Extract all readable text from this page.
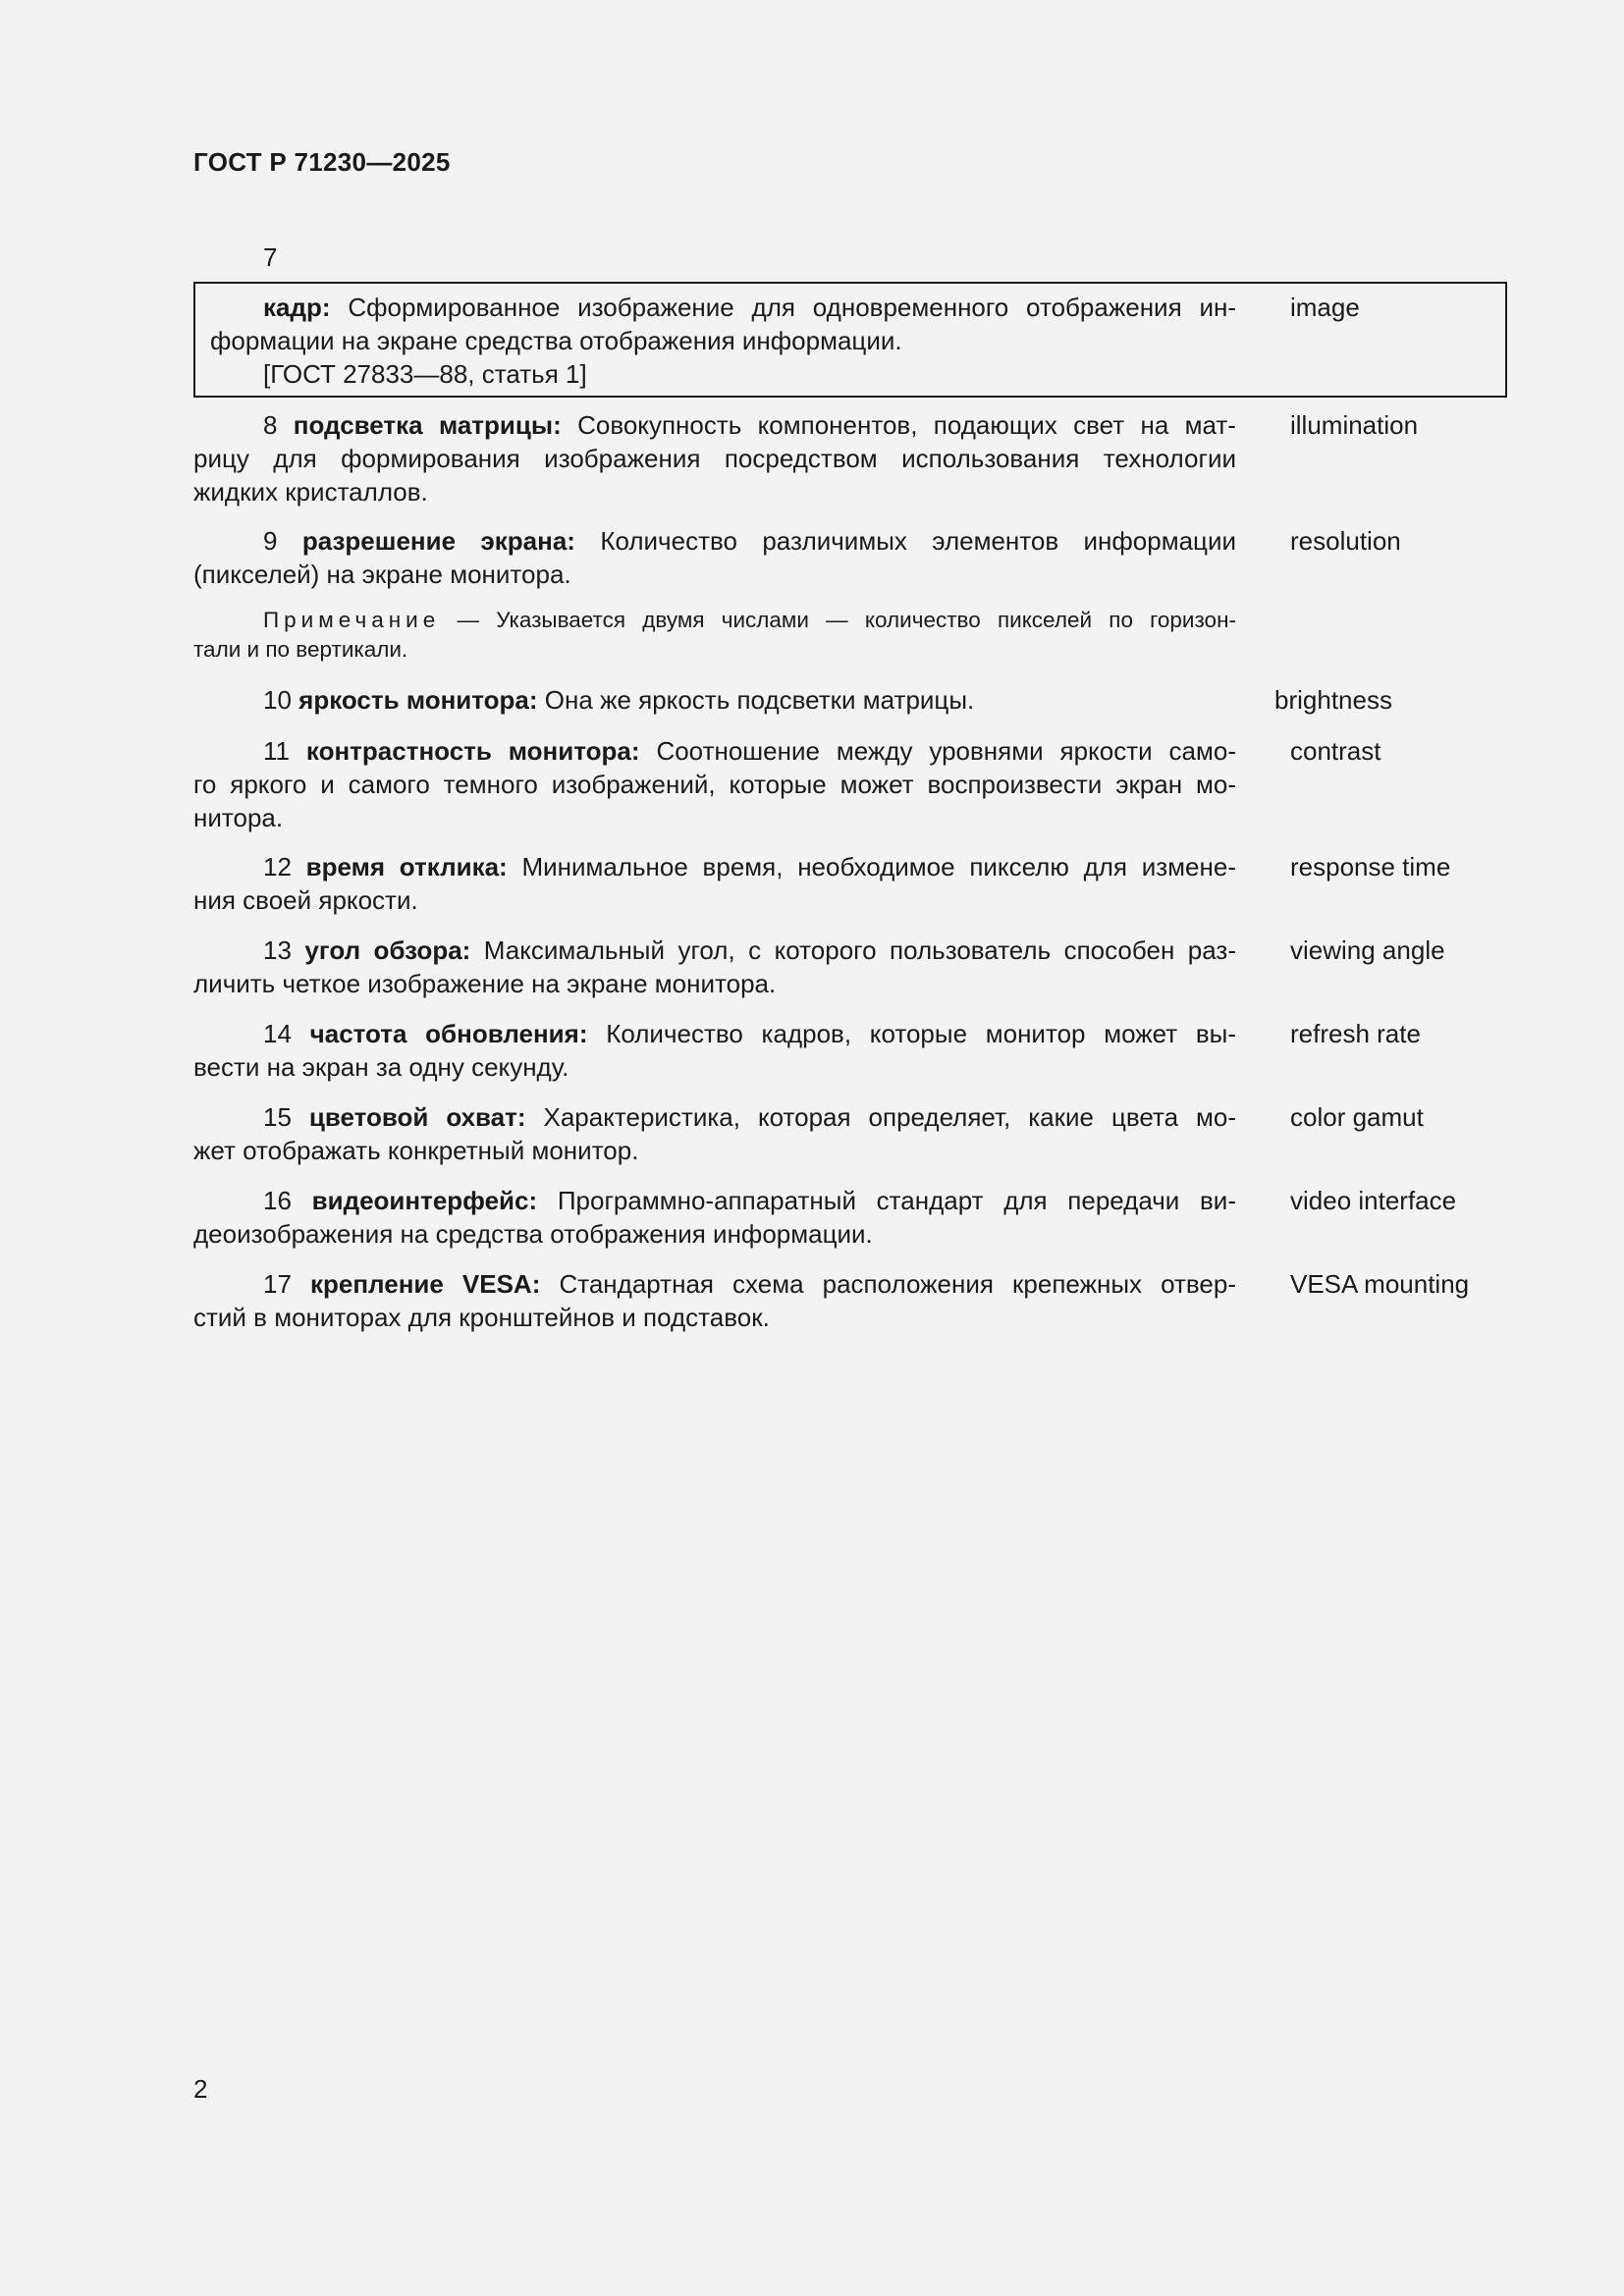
ГОСТ Р 71230—2025
7
кадр: Сформированное изображение для одновременного отображения ин-
формации на экране средства отображения информации.
[ГОСТ 27833—88, статья 1]
image
8 подсветка матрицы: Совокупность компонентов, подающих свет на мат-
рицу для формирования изображения посредством использования технологии
жидких кристаллов.
illumination
9 разрешение экрана: Количество различимых элементов информации
(пикселей) на экране монитора.
resolution
Примечание — Указывается двумя числами — количество пикселей по горизон-
тали и по вертикали.
10 яркость монитора: Она же яркость подсветки матрицы.	brightness
11 контрастность монитора: Соотношение между уровнями яркости само-
го яркого и самого темного изображений, которые может воспроизвести экран мо-
нитора.
contrast
12 время отклика: Минимальное время, необходимое пикселю для измене-
ния своей яркости.
response time
13 угол обзора: Максимальный угол, с которого пользователь способен раз-
личить четкое изображение на экране монитора.
viewing angle
14 частота обновления: Количество кадров, которые монитор может вы-
вести на экран за одну секунду.
refresh rate
15 цветовой охват: Характеристика, которая определяет, какие цвета мо-
жет отображать конкретный монитор.
color gamut
16 видеоинтерфейс: Программно-аппаратный стандарт для передачи ви-
деоизображения на средства отображения информации.
video interface
17 крепление VESA: Стандартная схема расположения крепежных отвер-
стий в мониторах для кронштейнов и подставок.
VESA mounting
2
